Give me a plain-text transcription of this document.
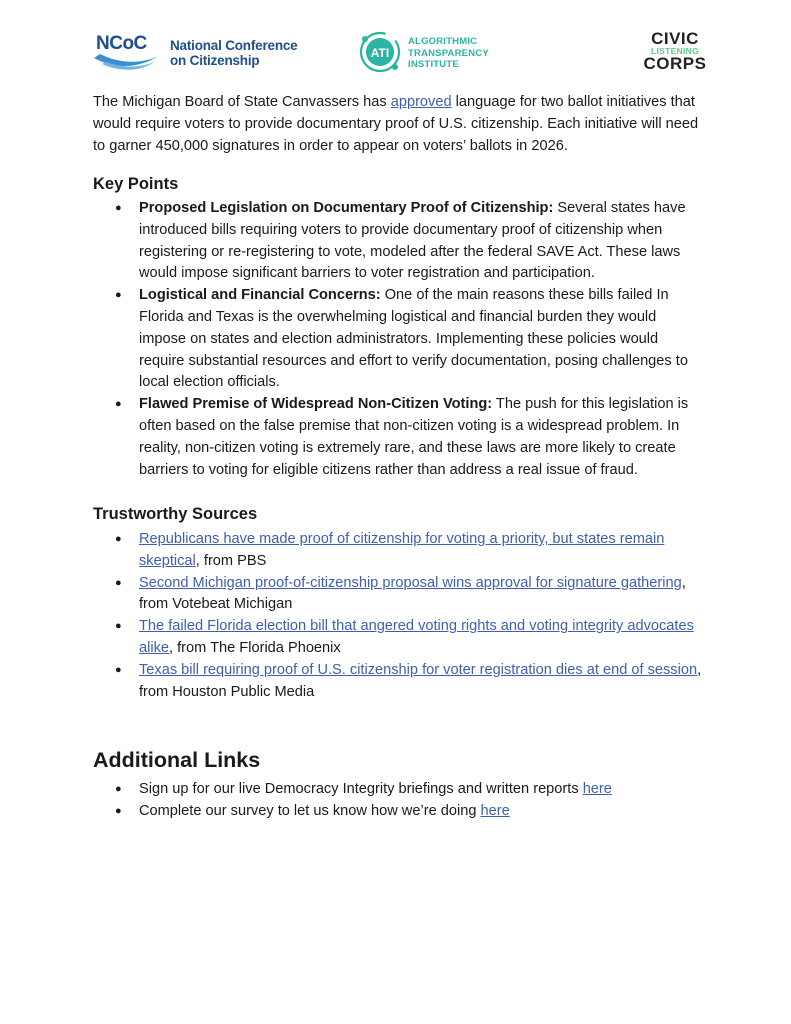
NCoC National Conference
on Citizenship	ATI
ALGORITHMIC
TRANSPARENCY
INSTITUTE
CIVIC
LISTENING
CORPS

The Michigan Board of State Canvassers has approved language for two ballot initiatives that would require voters to provide documentary proof of U.S. citizenship. Each initiative will need to garner 450,000 signatures in order to appear on voters’ ballots in 2026.

Key Points
● Proposed Legislation on Documentary Proof of Citizenship: Several states have introduced bills requiring voters to provide documentary proof of citizenship when registering or re-registering to vote, modeled after the federal SAVE Act. These laws would impose significant barriers to voter registration and participation.
● Logistical and Financial Concerns: One of the main reasons these bills failed In Florida and Texas is the overwhelming logistical and financial burden they would impose on states and election administrators. Implementing these policies would require substantial resources and effort to verify documentation, posing challenges to local election officials.
● Flawed Premise of Widespread Non-Citizen Voting: The push for this legislation is often based on the false premise that non-citizen voting is a widespread problem. In reality, non-citizen voting is extremely rare, and these laws are more likely to create barriers to voting for eligible citizens rather than address a real issue of fraud.
Trustworthy Sources
● Republicans have made proof of citizenship for voting a priority, but states remain skeptical, from PBS
● Second Michigan proof-of-citizenship proposal wins approval for signature gathering, from Votebeat Michigan
● The failed Florida election bill that angered voting rights and voting integrity advocates alike, from The Florida Phoenix
● Texas bill requiring proof of U.S. citizenship for voter registration dies at end of session, from Houston Public Media
Additional Links
● Sign up for our live Democracy Integrity briefings and written reports here
● Complete our survey to let us know how we’re doing here
